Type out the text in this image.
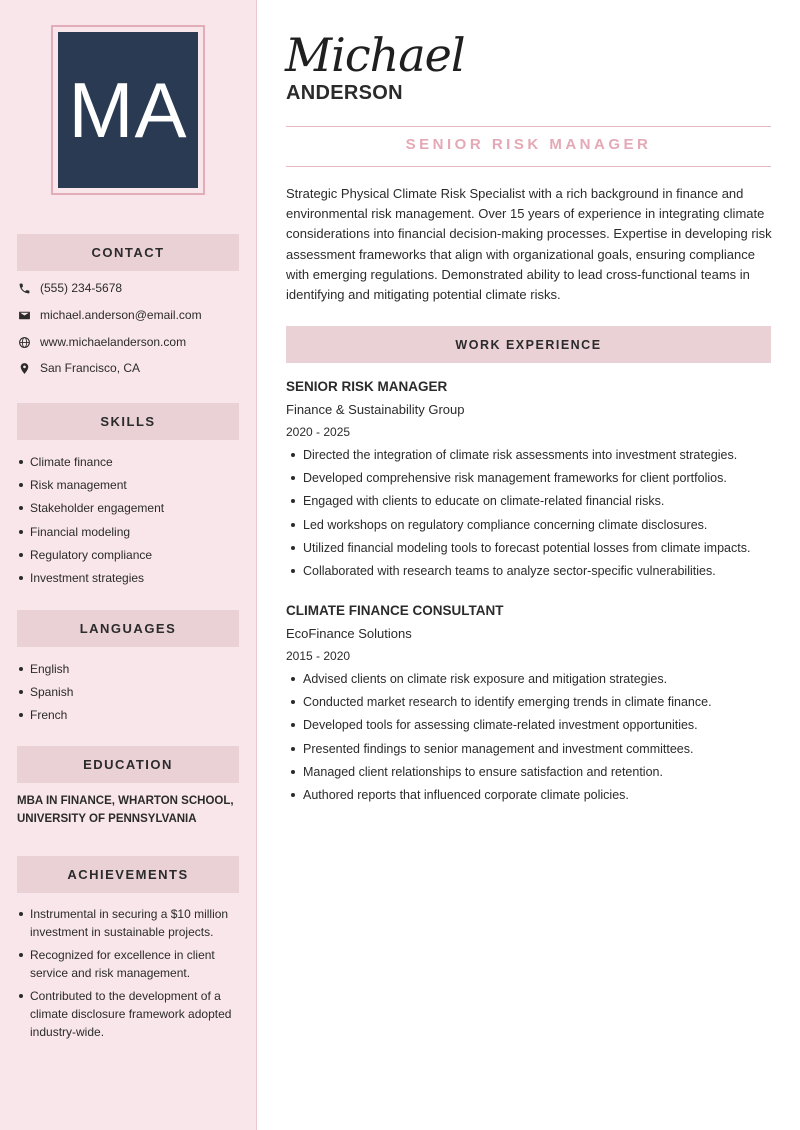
MA
CONTACT
(555) 234-5678
michael.anderson@email.com
www.michaelanderson.com
San Francisco, CA
SKILLS
Climate finance
Risk management
Stakeholder engagement
Financial modeling
Regulatory compliance
Investment strategies
LANGUAGES
English
Spanish
French
EDUCATION
MBA IN FINANCE, WHARTON SCHOOL, UNIVERSITY OF PENNSYLVANIA
ACHIEVEMENTS
Instrumental in securing a $10 million investment in sustainable projects.
Recognized for excellence in client service and risk management.
Contributed to the development of a climate disclosure framework adopted industry-wide.
Michael
ANDERSON
SENIOR RISK MANAGER

Strategic Physical Climate Risk Specialist with a rich background in finance and environmental risk management. Over 15 years of experience in integrating climate considerations into financial decision-making processes. Expertise in developing risk assessment frameworks that align with organizational goals, ensuring compliance with emerging regulations. Demonstrated ability to lead cross-functional teams in identifying and mitigating potential climate risks.

WORK EXPERIENCE
SENIOR RISK MANAGER
Finance & Sustainability Group
2020 - 2025
Directed the integration of climate risk assessments into investment strategies.
Developed comprehensive risk management frameworks for client portfolios.
Engaged with clients to educate on climate-related financial risks.
Led workshops on regulatory compliance concerning climate disclosures.
Utilized financial modeling tools to forecast potential losses from climate impacts.
Collaborated with research teams to analyze sector-specific vulnerabilities.
CLIMATE FINANCE CONSULTANT
EcoFinance Solutions
2015 - 2020
Advised clients on climate risk exposure and mitigation strategies.
Conducted market research to identify emerging trends in climate finance.
Developed tools for assessing climate-related investment opportunities.
Presented findings to senior management and investment committees.
Managed client relationships to ensure satisfaction and retention.
Authored reports that influenced corporate climate policies.
